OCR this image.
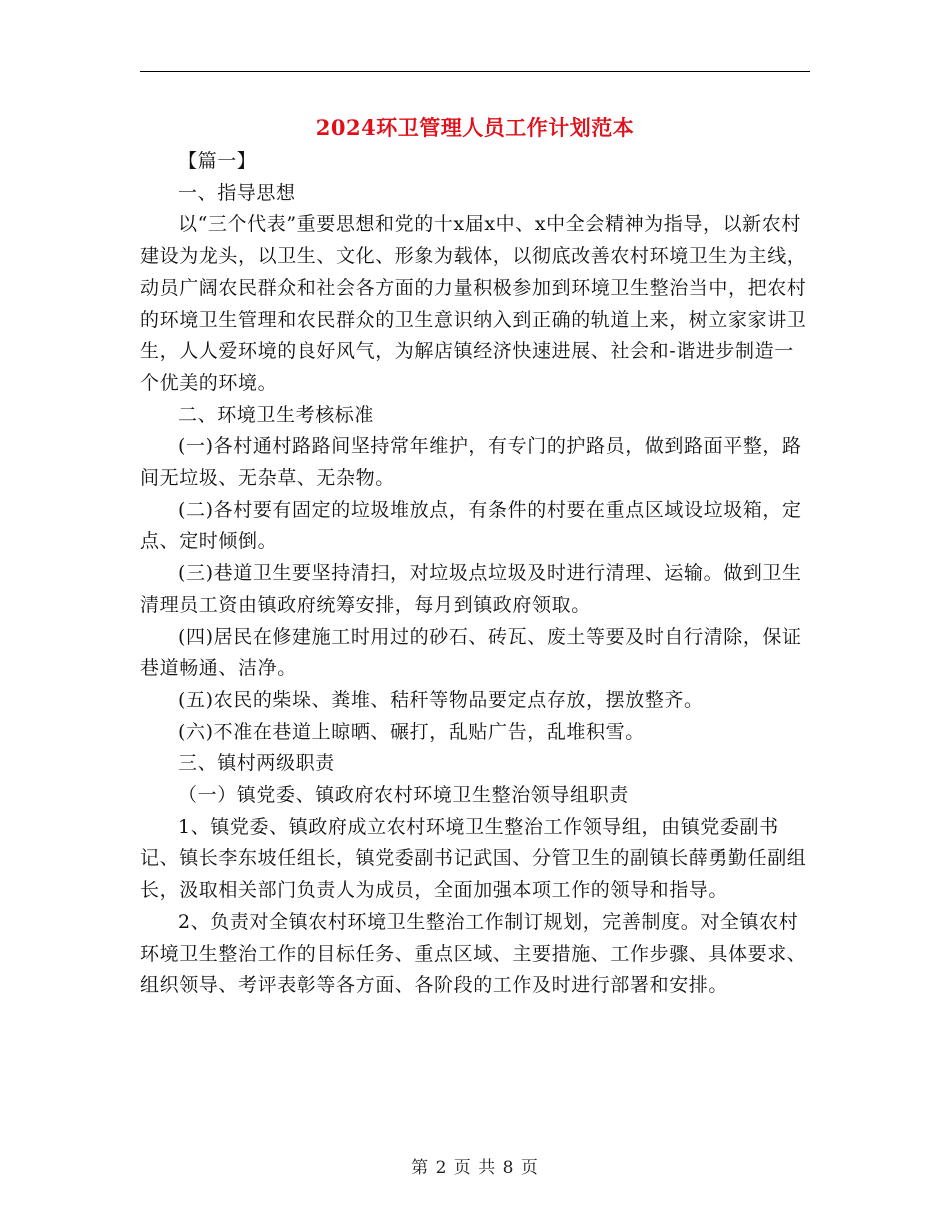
2024环卫管理人员工作计划范本

【篇一】

一、指导思想

以“三个代表”重要思想和党的十x届x中、x中全会精神为指导，以新农村建设为龙头，以卫生、文化、形象为载体，以彻底改善农村环境卫生为主线，动员广阔农民群众和社会各方面的力量积极参加到环境卫生整治当中，把农村的环境卫生管理和农民群众的卫生意识纳入到正确的轨道上来，树立家家讲卫生，人人爱环境的良好风气，为解店镇经济快速进展、社会和-谐进步制造一个优美的环境。

二、环境卫生考核标准

(一)各村通村路路间坚持常年维护，有专门的护路员，做到路面平整，路间无垃圾、无杂草、无杂物。

(二)各村要有固定的垃圾堆放点，有条件的村要在重点区域设垃圾箱，定点、定时倾倒。

(三)巷道卫生要坚持清扫，对垃圾点垃圾及时进行清理、运输。做到卫生清理员工资由镇政府统筹安排，每月到镇政府领取。

(四)居民在修建施工时用过的砂石、砖瓦、废土等要及时自行清除，保证巷道畅通、洁净。

(五)农民的柴垛、粪堆、秸秆等物品要定点存放，摆放整齐。

(六)不准在巷道上晾晒、碾打，乱贴广告，乱堆积雪。

三、镇村两级职责

（一）镇党委、镇政府农村环境卫生整治领导组职责

1、镇党委、镇政府成立农村环境卫生整治工作领导组，由镇党委副书记、镇长李东坡任组长，镇党委副书记武国、分管卫生的副镇长薛勇勤任副组长，汲取相关部门负责人为成员，全面加强本项工作的领导和指导。

2、负责对全镇农村环境卫生整治工作制订规划，完善制度。对全镇农村环境卫生整治工作的目标任务、重点区域、主要措施、工作步骤、具体要求、组织领导、考评表彰等各方面、各阶段的工作及时进行部署和安排。

第 2 页 共 8 页
